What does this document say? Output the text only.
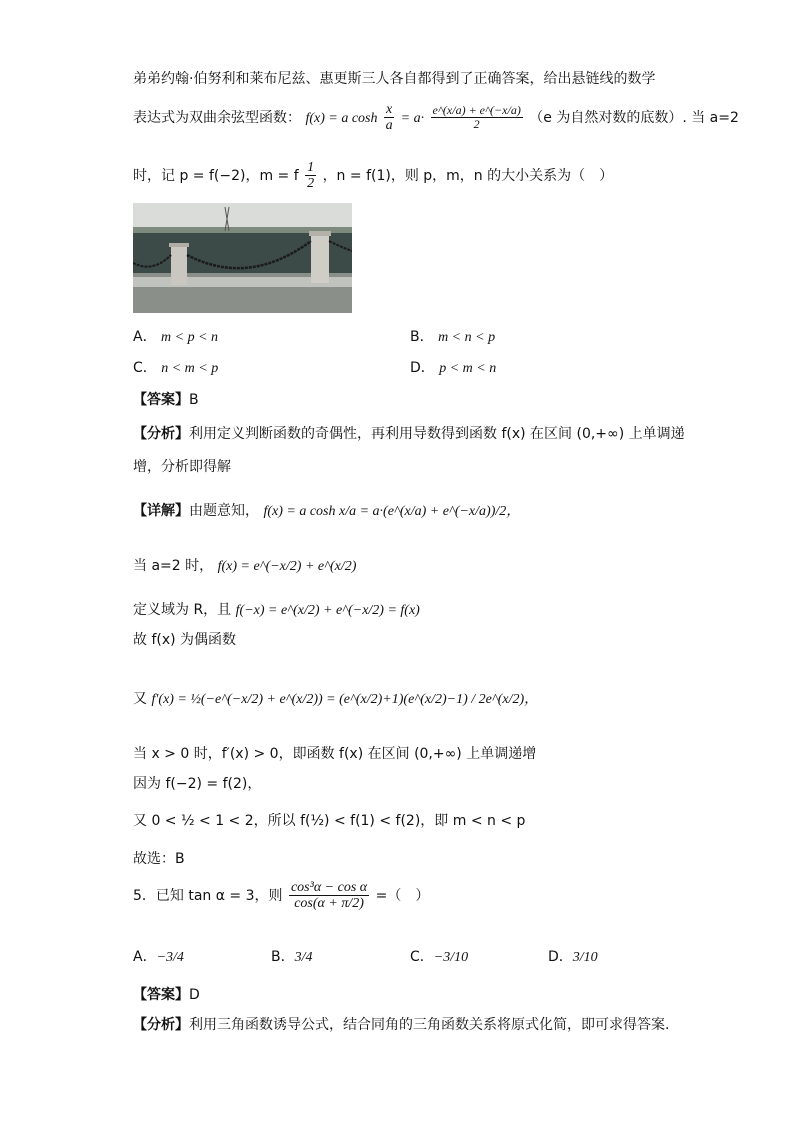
弟弟约翰·伯努利和莱布尼兹、惠更斯三人各自都得到了正确答案，给出悬链线的数学
表达式为双曲余弦型函数： f(x) = a $\cosh \frac{x}{a} = a\cdot \frac{e\^{}(x/a) + e\^{}(-x/a)}{2} (e$ 为自然对数的底数）. 当 a=2
时，记 p = f(−2)，m = f $\frac{1}{2}$ ，n = f(1)，则 p，m，n 的大小关系为（　）
A． m < p < n	B． m < n < p
C． n < m < p	D． p < m < n
【答案】B
【分析】利用定义判断函数的奇偶性，再利用导数得到函数 f(x) 在区间 (0,+∞) 上单调递
增，分析即得解
【详解】由题意知， f(x) = a cosh x/a = a·(e^(x/a) + e^(−x/a))/2，
当 a=2 时， f(x) = e^(−x/2) + e^(x/2)
定义域为 R，且 f(−x) = e^(x/2) + e^(−x/2) = f(x)
故 f(x) 为偶函数
又 f′(x) = ½(−e^(−x/2) + e^(x/2)) = (e^(x/2)+1)(e^(x/2)−1) / 2e^(x/2)，
当 x > 0 时，f′(x) > 0，即函数 f(x) 在区间 (0,+∞) 上单调递增
因为 f(−2) = f(2)，
又 0 < ½ < 1 < 2，所以 f(½) < f(1) < f(2)，即 m < n < p
故选：B
5．已知 tan α = 3，则 $\frac{\text{cos³α − cos α}}{\cos(\alpha + \pi/2)}$ =（　）
A．−3/4	B．3/4	C．−3/10	D．3/10
【答案】D
【分析】利用三角函数诱导公式，结合同角的三角函数关系将原式化简，即可求得答案.
